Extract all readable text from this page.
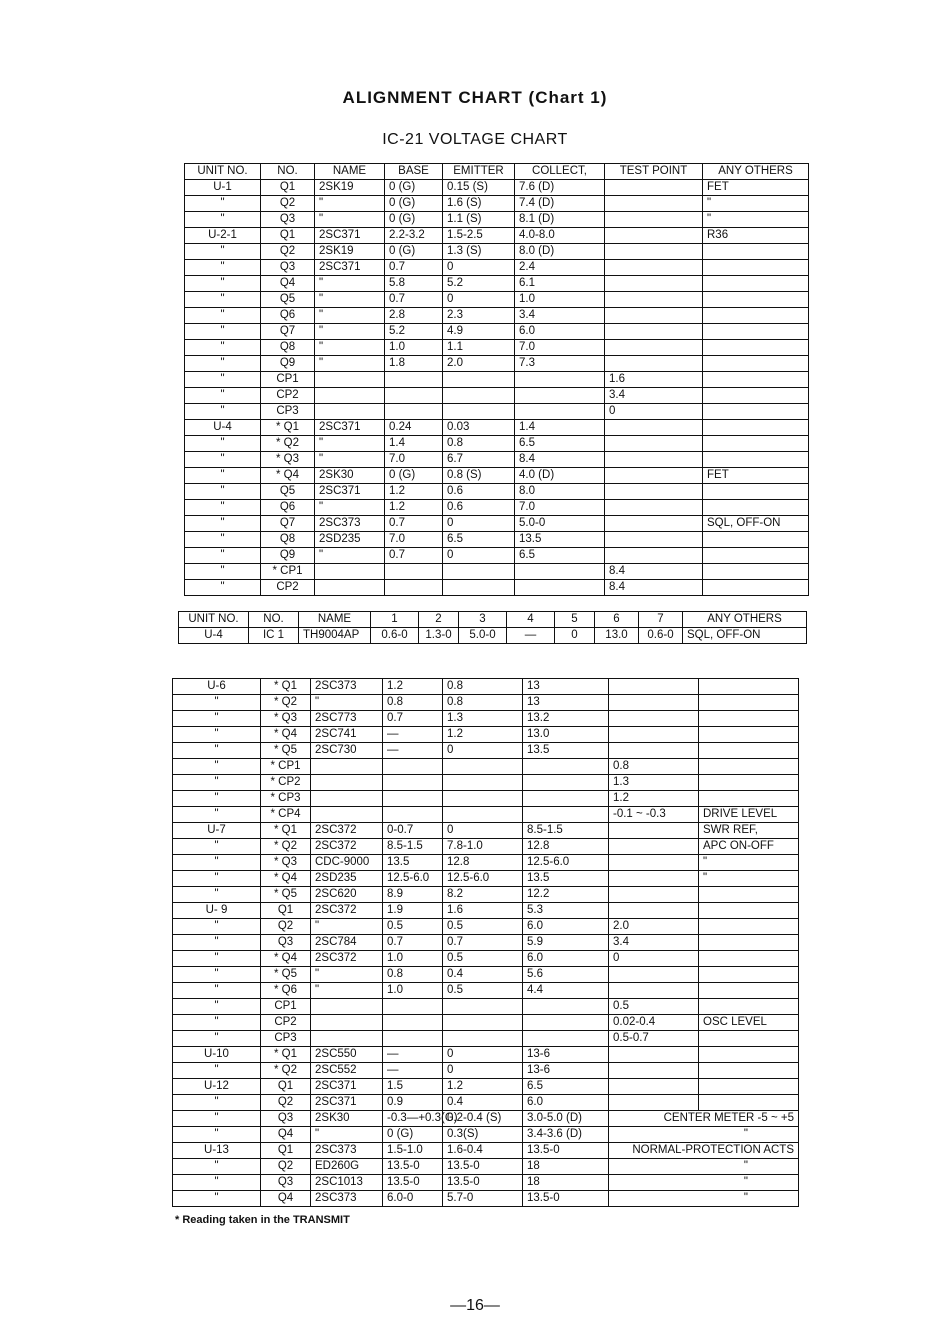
ALIGNMENT CHART (Chart 1)
IC-21 VOLTAGE CHART
UNIT NO.	NO.	NAME	BASE	EMITTER	COLLECT,	TEST POINT	ANY OTHERS
U-1	Q1	2SK19	0 (G)	0.15 (S)	7.6 (D)		FET
"	Q2	"	0 (G)	1.6 (S)	7.4 (D)		"
"	Q3	"	0 (G)	1.1 (S)	8.1 (D)		"
U-2-1	Q1	2SC371	2.2-3.2	1.5-2.5	4.0-8.0		R36
"	Q2	2SK19	0 (G)	1.3 (S)	8.0 (D)		
"	Q3	2SC371	0.7	0	2.4		
"	Q4	"	5.8	5.2	6.1		
"	Q5	"	0.7	0	1.0		
"	Q6	"	2.8	2.3	3.4		
"	Q7	"	5.2	4.9	6.0		
"	Q8	"	1.0	1.1	7.0		
"	Q9	"	1.8	2.0	7.3		
"	CP1					1.6	
"	CP2					3.4	
"	CP3					0	
U-4	* Q1	2SC371	0.24	0.03	1.4		
"	* Q2	"	1.4	0.8	6.5		
"	* Q3	"	7.0	6.7	8.4		
"	* Q4	2SK30	0 (G)	0.8 (S)	4.0 (D)		FET
"	Q5	2SC371	1.2	0.6	8.0		
"	Q6	"	1.2	0.6	7.0		
"	Q7	2SC373	0.7	0	5.0-0		SQL, OFF-ON
"	Q8	2SD235	7.0	6.5	13.5		
"	Q9	"	0.7	0	6.5		
"	* CP1					8.4	
"	CP2					8.4	
UNIT NO.	NO.	NAME	1	2	3	4	5	6	7	ANY OTHERS
U-4	IC 1	TH9004AP	0.6-0	1.3-0	5.0-0	—	0	13.0	0.6-0	SQL, OFF-ON
U-6	* Q1	2SC373	1.2	0.8	13		
"	* Q2	"	0.8	0.8	13		
"	* Q3	2SC773	0.7	1.3	13.2		
"	* Q4	2SC741	—	1.2	13.0		
"	* Q5	2SC730	—	0	13.5		
"	* CP1					0.8	
"	* CP2					1.3	
"	* CP3					1.2	
"	* CP4					-0.1 ~ -0.3	DRIVE LEVEL
U-7	* Q1	2SC372	0-0.7	0	8.5-1.5		SWR REF,
"	* Q2	2SC372	8.5-1.5	7.8-1.0	12.8		APC ON-OFF
"	* Q3	CDC-9000	13.5	12.8	12.5-6.0		"
"	* Q4	2SD235	12.5-6.0	12.5-6.0	13.5		"
"	* Q5	2SC620	8.9	8.2	12.2		
U- 9	Q1	2SC372	1.9	1.6	5.3		
"	Q2	"	0.5	0.5	6.0	2.0	
"	Q3	2SC784	0.7	0.7	5.9	3.4	
"	* Q4	2SC372	1.0	0.5	6.0	0	
"	* Q5	"	0.8	0.4	5.6		
"	* Q6	"	1.0	0.5	4.4		
"	CP1					0.5	
"	CP2					0.02-0.4	OSC LEVEL
"	CP3					0.5-0.7	
U-10	* Q1	2SC550	—	0	13-6		
"	* Q2	2SC552	—	0	13-6		
U-12	Q1	2SC371	1.5	1.2	6.5		
"	Q2	2SC371	0.9	0.4	6.0		
"	Q3	2SK30	-0.3—+0.3(G)	0.2-0.4 (S)	3.0-5.0 (D)	CENTER METER -5 ~ +5	
"	Q4	"	0 (G)	0.3(S)	3.4-3.6 (D)	"	
U-13	Q1	2SC373	1.5-1.0	1.6-0.4	13.5-0	NORMAL-PROTECTION ACTS	
"	Q2	ED260G	13.5-0	13.5-0	18	"	
"	Q3	2SC1013	13.5-0	13.5-0	18	"	
"	Q4	2SC373	6.0-0	5.7-0	13.5-0	"	
* Reading taken in the TRANSMIT
—16—
